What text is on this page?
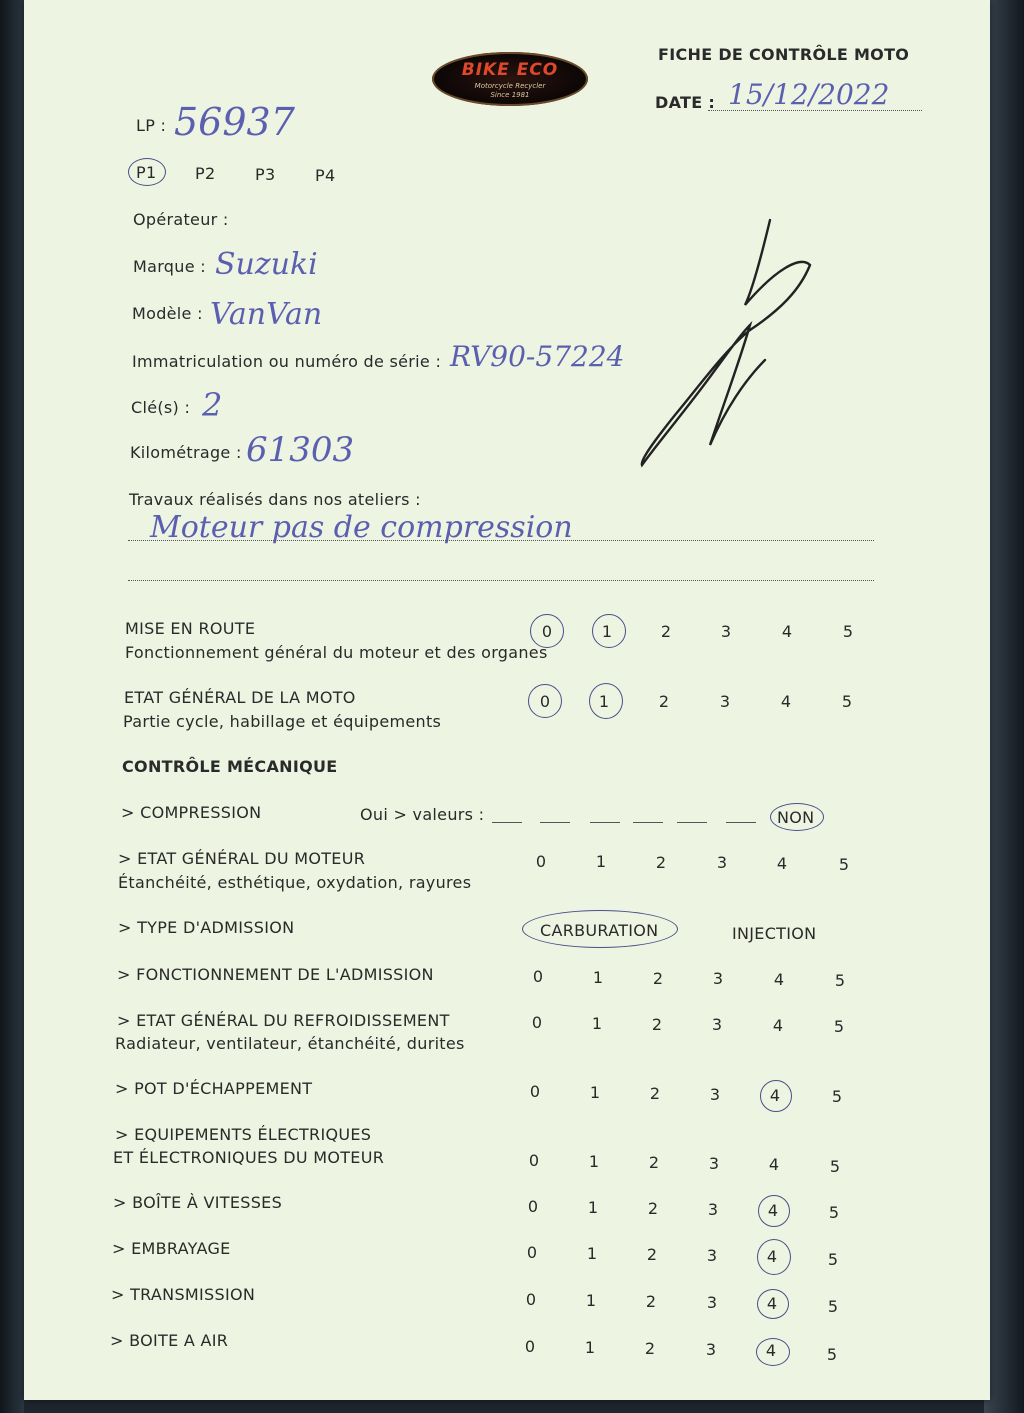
BIKE ECO
Motorcycle Recycler
Since 1981
FICHE DE CONTRÔLE MOTO
DATE : 15/12/2022
LP : 56937
P1 P2 P3 P4
Opérateur :
Marque : Suzuki
Modèle : VanVan
Immatriculation ou numéro de série : RV90-57224
Clé(s) : 2
Kilométrage : 61303
Travaux réalisés dans nos ateliers :
Moteur pas de compression
MISE EN ROUTE
Fonctionnement général du moteur et des organes
0	1	2	3	4	5
ETAT GÉNÉRAL DE LA MOTO
Partie cycle, habillage et équipements
0	1	2	3	4	5
CONTRÔLE MÉCANIQUE
> COMPRESSION	Oui > valeurs :	NON
> ETAT GÉNÉRAL DU MOTEUR
Étanchéité, esthétique, oxydation, rayures
0	1	2	3	4	5
> TYPE D'ADMISSION	CARBURATION	INJECTION
> FONCTIONNEMENT DE L'ADMISSION	0	1	2	3	4	5
> ETAT GÉNÉRAL DU REFROIDISSEMENT
Radiateur, ventilateur, étanchéité, durites
0	1	2	3	4	5
> POT D'ÉCHAPPEMENT	0	1	2	3	4	5
> EQUIPEMENTS ÉLECTRIQUES
ET ÉLECTRONIQUES DU MOTEUR	0	1	2	3	4	5
> BOÎTE À VITESSES	0	1	2	3	4	5
> EMBRAYAGE	0	1	2	3	4	5
> TRANSMISSION	0	1	2	3	4	5
> BOITE A AIR	0	1	2	3	4	5
